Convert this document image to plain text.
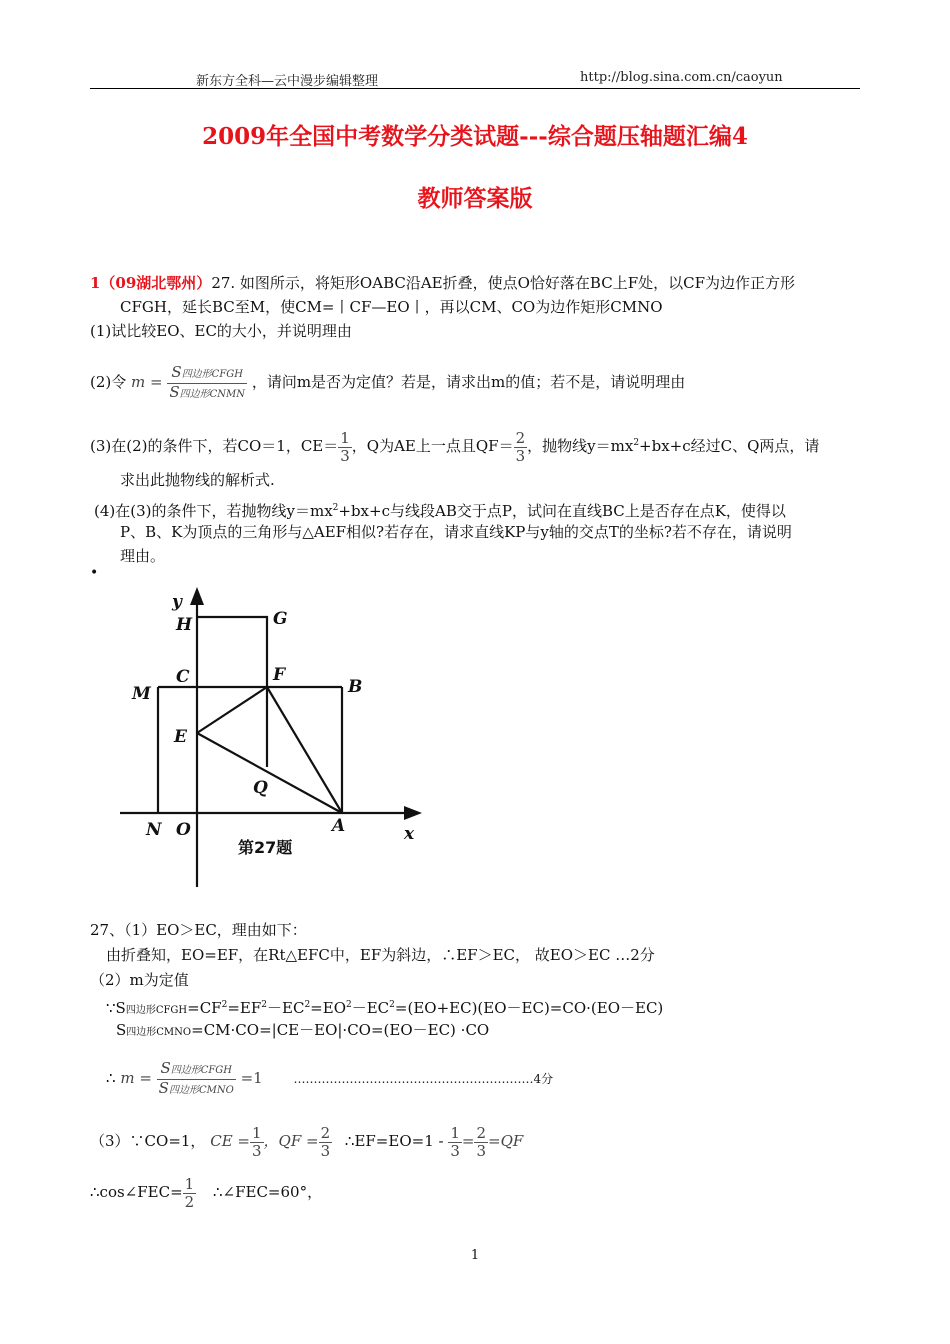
新东方全科—云中漫步编辑整理	http://blog.sina.com.cn/caoyun
2009年全国中考数学分类试题---综合题压轴题汇编4
教师答案版
1（09湖北鄂州）27. 如图所示，将矩形OABC沿AE折叠，使点O恰好落在BC上F处，以CF为边作正方形
CFGH，延长BC至M，使CM=丨CF—EO丨，再以CM、CO为边作矩形CMNO
(1)试比较EO、EC的大小，并说明理由
(2)令 $m = \frac{\text{S四边形CFGH}}{\text{S四边形CNMN}}$ ，请问m是否为定值？若是，请求出m的值；若不是，请说明理由
(3)在(2)的条件下，若CO＝1，$CE= \frac{1}{3}$ ，Q为AE上一点且$QF= \frac{2}{3}$ ，抛物线$y=mx^2+bx+c$经过C、Q两点，请
求出此抛物线的解析式.
(4)在(3)的条件下，若抛物线$y=mx^2+bx+c$与线段AB交于点P，试问在直线BC上是否存在点K，使得以
P、B、K为顶点的三角形与△AEF相似?若存在，请求直线KP与y轴的交点T的坐标?若不存在，请说明
理由。
•
y
H	G
C	F
B
M
E
Q
N O	A	x
第27题
27、（1）EO＞EC，理由如下：
由折叠知，EO=EF，在Rt△EFC中，EF为斜边，∴EF＞EC， 故EO＞EC …2分
（2）m为定值
∵S四边形$CFGH=CF^2=EF^2-EC^2=EO^2-EC^2=(EO+EC)(EO-EC)=CO\cdot(EO-EC)$
S四边形CMNO=CM·CO=|CE－EO|·CO=(EO－EC) ·CO
∴ $m = \frac{\text{S四边形CFGH}}{\text{S四边形CMNO}} =1$	……………………………………………………4分
（3）∵CO=1， CE = $\frac{1}{3}$ ，QF = $\frac{2}{3}$ ∴EF=EO=1 - $\frac{1}{3} = \frac{2}{3} =QF$
∴cos∠FEC= $\frac{1}{2}$ ∴∠FEC=60°，
1
